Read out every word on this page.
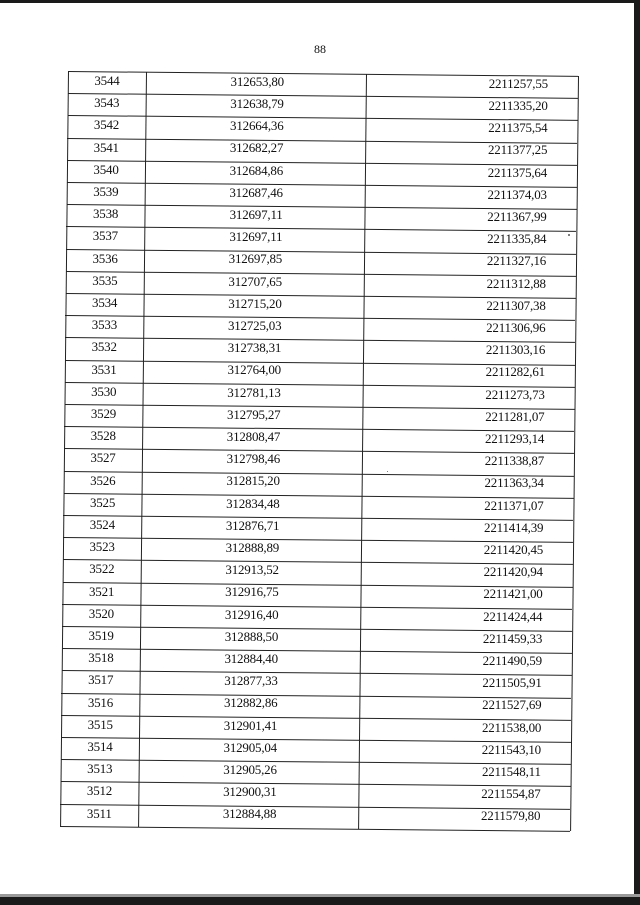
88
3544	312653,80	2211257,55
3543	312638,79	2211335,20
3542	312664,36	2211375,54
3541	312682,27	2211377,25
3540	312684,86	2211375,64
3539	312687,46	2211374,03
3538	312697,11	2211367,99
3537	312697,11	2211335,84
3536	312697,85	2211327,16
3535	312707,65	2211312,88
3534	312715,20	2211307,38
3533	312725,03	2211306,96
3532	312738,31	2211303,16
3531	312764,00	2211282,61
3530	312781,13	2211273,73
3529	312795,27	2211281,07
3528	312808,47	2211293,14
3527	312798,46	2211338,87
3526	312815,20	2211363,34
3525	312834,48	2211371,07
3524	312876,71	2211414,39
3523	312888,89	2211420,45
3522	312913,52	2211420,94
3521	312916,75	2211421,00
3520	312916,40	2211424,44
3519	312888,50	2211459,33
3518	312884,40	2211490,59
3517	312877,33	2211505,91
3516	312882,86	2211527,69
3515	312901,41	2211538,00
3514	312905,04	2211543,10
3513	312905,26	2211548,11
3512	312900,31	2211554,87
3511	312884,88	2211579,80
